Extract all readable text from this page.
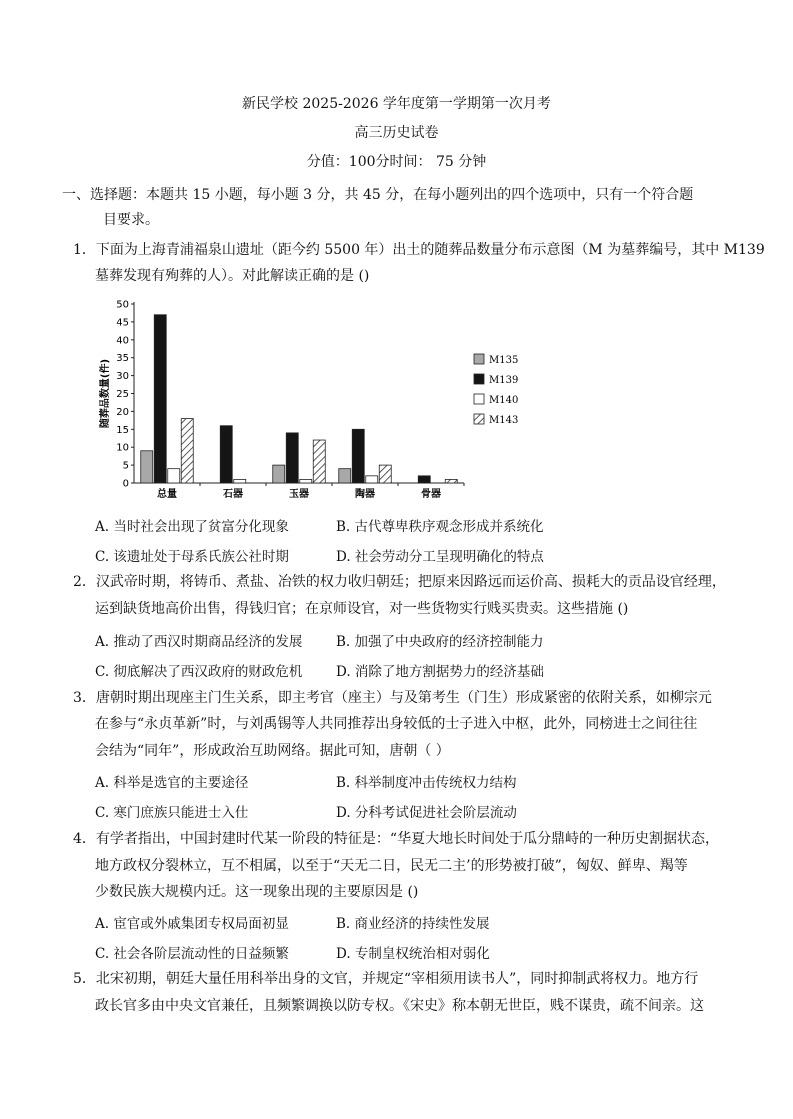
新民学校 2025-2026 学年度第一学期第一次月考
高三历史试卷
分值：100分时间： 75 分钟
一、选择题：本题共 15 小题，每小题 3 分，共 45 分，在每小题列出的四个选项中，只有一个符合题
目要求。
1．下面为上海青浦福泉山遗址（距今约 5500 年）出土的随葬品数量分布示意图（M 为墓葬编号，其中 M139
墓葬发现有殉葬的人）。对此解读正确的是 ()
随葬品数量(件)
0
5
10
15
20
25
30
35
40
45
50
总量	石器	玉器	陶器	骨器
M135
M139
M140
M143
A. 当时社会出现了贫富分化现象	B. 古代尊卑秩序观念形成并系统化
C. 该遗址处于母系氏族公社时期	D. 社会劳动分工呈现明确化的特点
2．汉武帝时期，将铸币、煮盐、冶铁的权力收归朝廷；把原来因路远而运价高、损耗大的贡品设官经理，
运到缺货地高价出售，得钱归官；在京师设官，对一些货物实行贱买贵卖。这些措施 ()
A. 推动了西汉时期商品经济的发展 B. 加强了中央政府的经济控制能力
C. 彻底解决了西汉政府的财政危机 D. 消除了地方割据势力的经济基础
3．唐朝时期出现座主门生关系，即主考官（座主）与及第考生（门生）形成紧密的依附关系，如柳宗元
在参与“永贞革新”时，与刘禹锡等人共同推荐出身较低的士子进入中枢，此外，同榜进士之间往往
会结为“同年”，形成政治互助网络。据此可知，唐朝（ ）
A. 科举是选官的主要途径	B. 科举制度冲击传统权力结构
C. 寒门庶族只能进士入仕	D. 分科考试促进社会阶层流动
4．有学者指出，中国封建时代某一阶段的特征是：“华夏大地长时间处于瓜分鼎峙的一种历史割据状态，
地方政权分裂林立，互不相属，以至于“天无二日，民无二主’的形势被打破”，匈奴、鲜卑、羯等
少数民族大规模内迁。这一现象出现的主要原因是 ()
A. 宦官或外戚集团专权局面初显	B. 商业经济的持续性发展
C. 社会各阶层流动性的日益频繁	D. 专制皇权统治相对弱化
5．北宋初期，朝廷大量任用科举出身的文官，并规定“宰相须用读书人”，同时抑制武将权力。地方行
政长官多由中央文官兼任，且频繁调换以防专权。《宋史》称本朝无世臣，贱不谋贵，疏不间亲。这
